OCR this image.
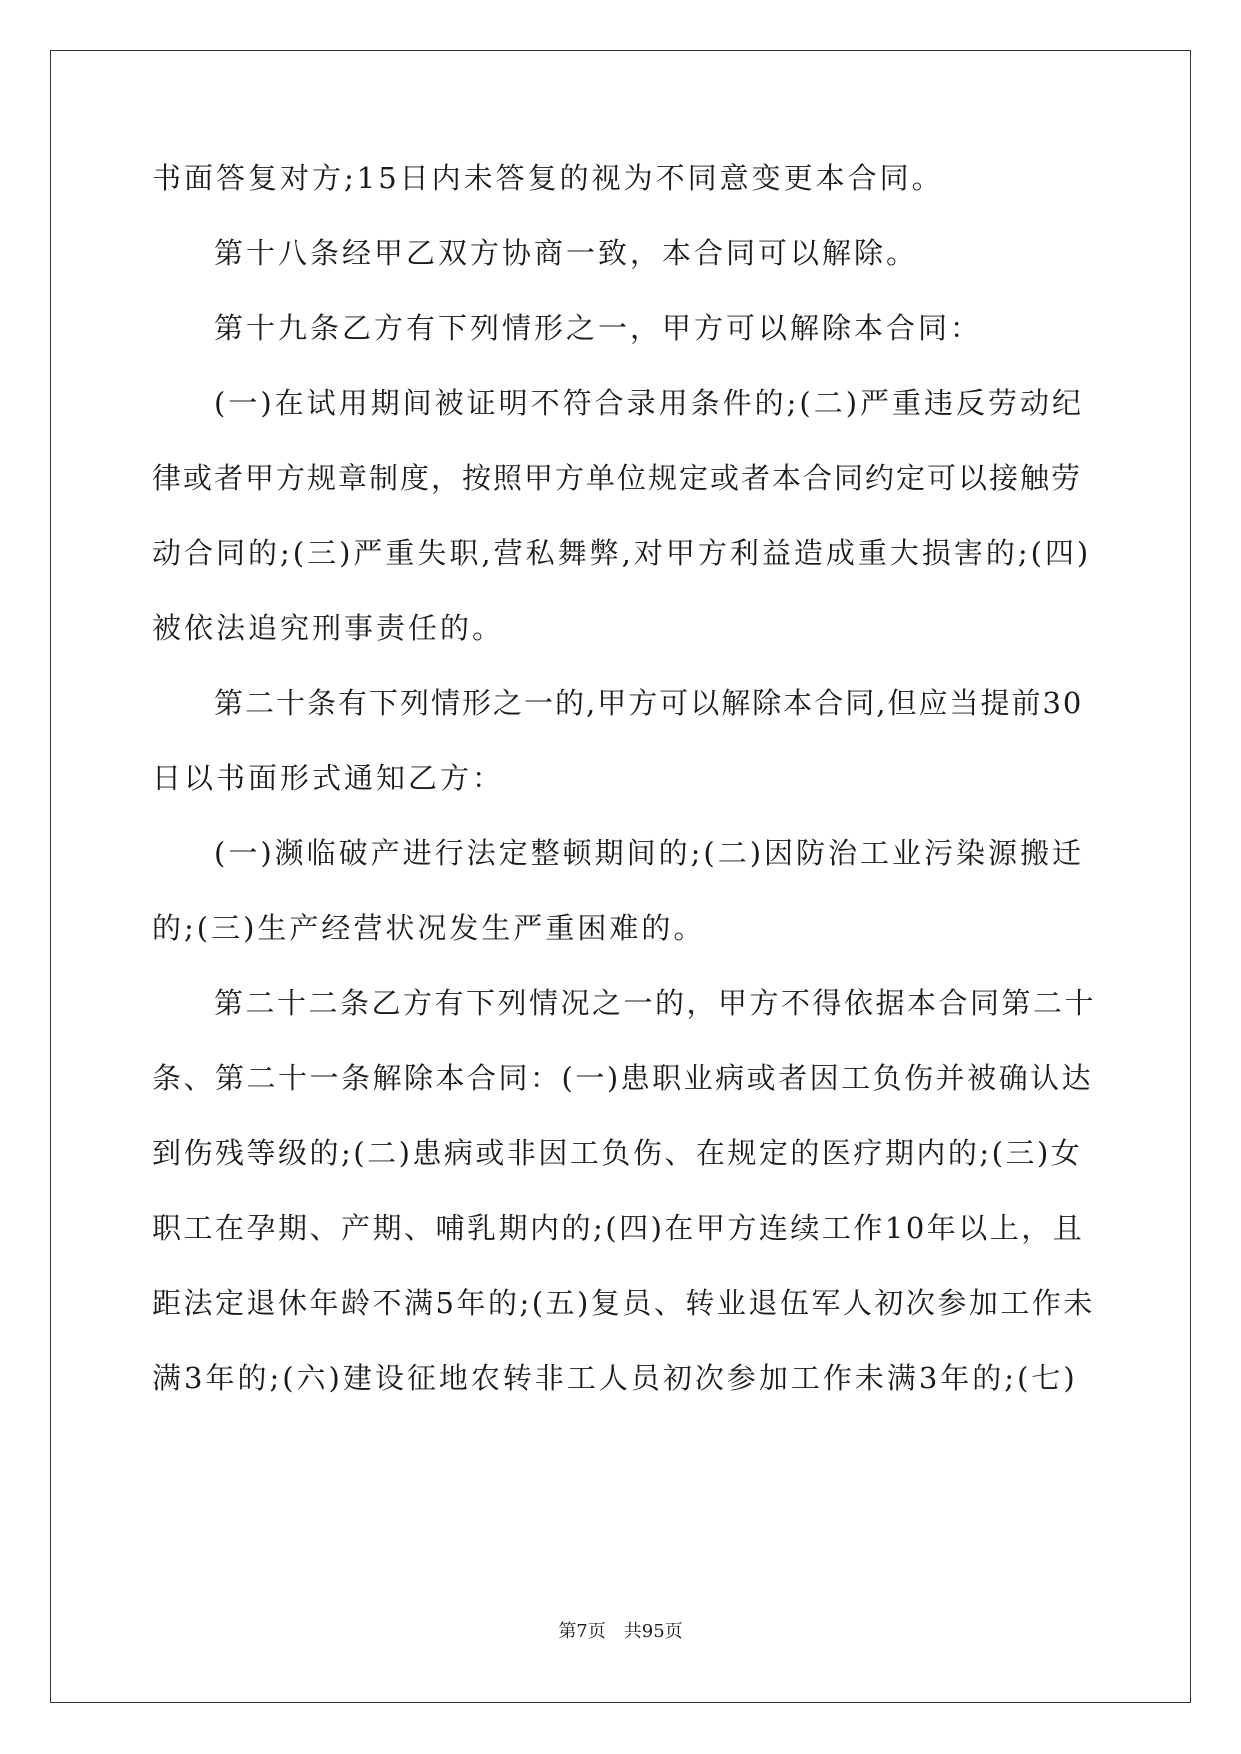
书面答复对方;15日内未答复的视为不同意变更本合同。
第十八条经甲乙双方协商一致，本合同可以解除。
第十九条乙方有下列情形之一，甲方可以解除本合同：
(一)在试用期间被证明不符合录用条件的;(二)严重违反劳动纪
律或者甲方规章制度，按照甲方单位规定或者本合同约定可以接触劳
动合同的;(三)严重失职,营私舞弊,对甲方利益造成重大损害的;(四)
被依法追究刑事责任的。
第二十条有下列情形之一的,甲方可以解除本合同,但应当提前30
日以书面形式通知乙方：
(一)濒临破产进行法定整顿期间的;(二)因防治工业污染源搬迁
的;(三)生产经营状况发生严重困难的。
第二十二条乙方有下列情况之一的，甲方不得依据本合同第二十
条、第二十一条解除本合同：(一)患职业病或者因工负伤并被确认达
到伤残等级的;(二)患病或非因工负伤、在规定的医疗期内的;(三)女
职工在孕期、产期、哺乳期内的;(四)在甲方连续工作10年以上，且
距法定退休年龄不满5年的;(五)复员、转业退伍军人初次参加工作未
满3年的;(六)建设征地农转非工人员初次参加工作未满3年的;(七)
第7页 共95页
